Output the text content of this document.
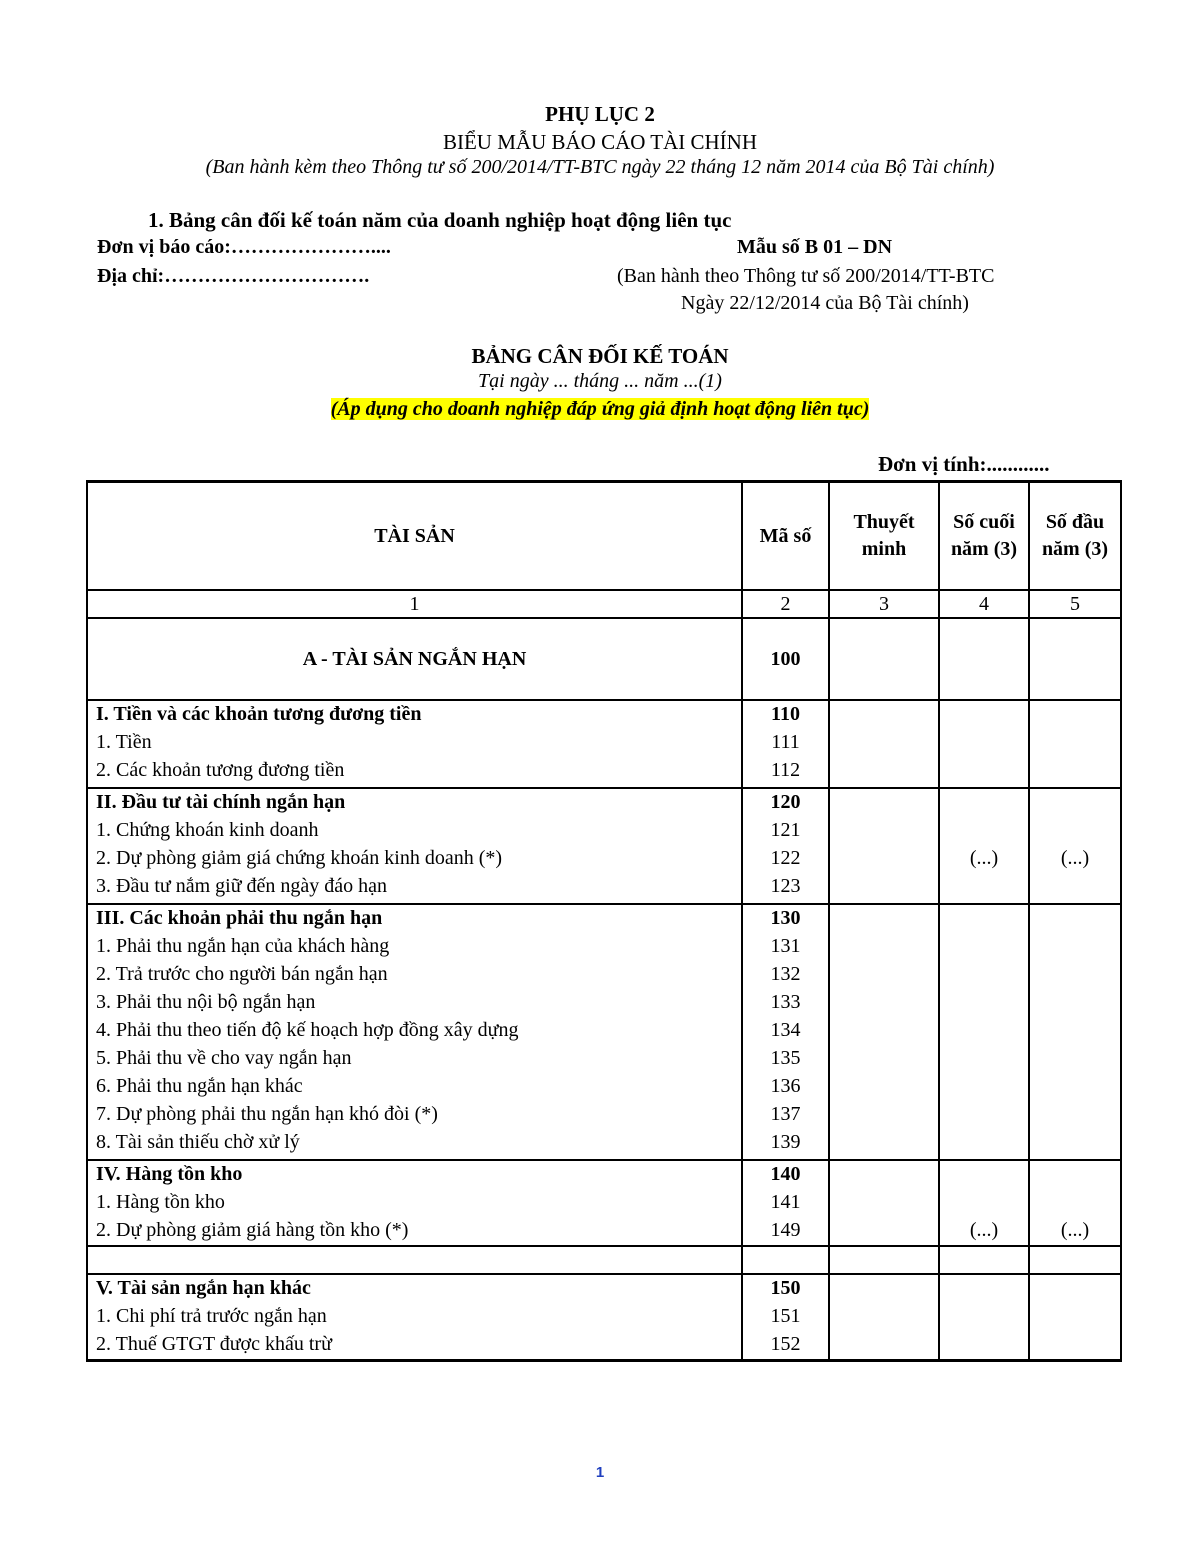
PHỤ LỤC 2
BIỂU MẪU BÁO CÁO TÀI CHÍNH
(Ban hành kèm theo Thông tư số 200/2014/TT-BTC ngày 22 tháng 12 năm 2014 của Bộ Tài chính)
1. Bảng cân đối kế toán năm của doanh nghiệp hoạt động liên tục
Đơn vị báo cáo:…………………....	Mẫu số B 01 – DN
Địa chỉ:………………………….	(Ban hành theo Thông tư số 200/2014/TT-BTC
Ngày 22/12/2014 của Bộ Tài chính)
BẢNG CÂN ĐỐI KẾ TOÁN
Tại ngày ... tháng ... năm ...(1)
(Áp dụng cho doanh nghiệp đáp ứng giả định hoạt động liên tục)
Đơn vị tính:............
TÀI SẢN	Mã số	Thuyết minh	Số cuối năm (3)	Số đầu năm (3)
1	2	3	4	5
A - TÀI SẢN NGẮN HẠN	100			
I. Tiền và các khoản tương đương tiền	110			
1. Tiền	111			
2. Các khoản tương đương tiền	112			
II. Đầu tư tài chính ngắn hạn	120			
1. Chứng khoán kinh doanh	121			
2. Dự phòng giảm giá chứng khoán kinh doanh (*)	122		(...)	(...)
3. Đầu tư nắm giữ đến ngày đáo hạn	123			
III. Các khoản phải thu ngắn hạn	130			
1. Phải thu ngắn hạn của khách hàng	131			
2. Trả trước cho người bán ngắn hạn	132			
3. Phải thu nội bộ ngắn hạn	133			
4. Phải thu theo tiến độ kế hoạch hợp đồng xây dựng	134			
5. Phải thu về cho vay ngắn hạn	135			
6. Phải thu ngắn hạn khác	136			
7. Dự phòng phải thu ngắn hạn khó đòi (*)	137			
8. Tài sản thiếu chờ xử lý	139			
IV. Hàng tồn kho	140			
1. Hàng tồn kho	141			
2. Dự phòng giảm giá hàng tồn kho (*)	149		(...)	(...)

V. Tài sản ngắn hạn khác	150			
1. Chi phí trả trước ngắn hạn	151			
2. Thuế GTGT được khấu trừ	152			
1
